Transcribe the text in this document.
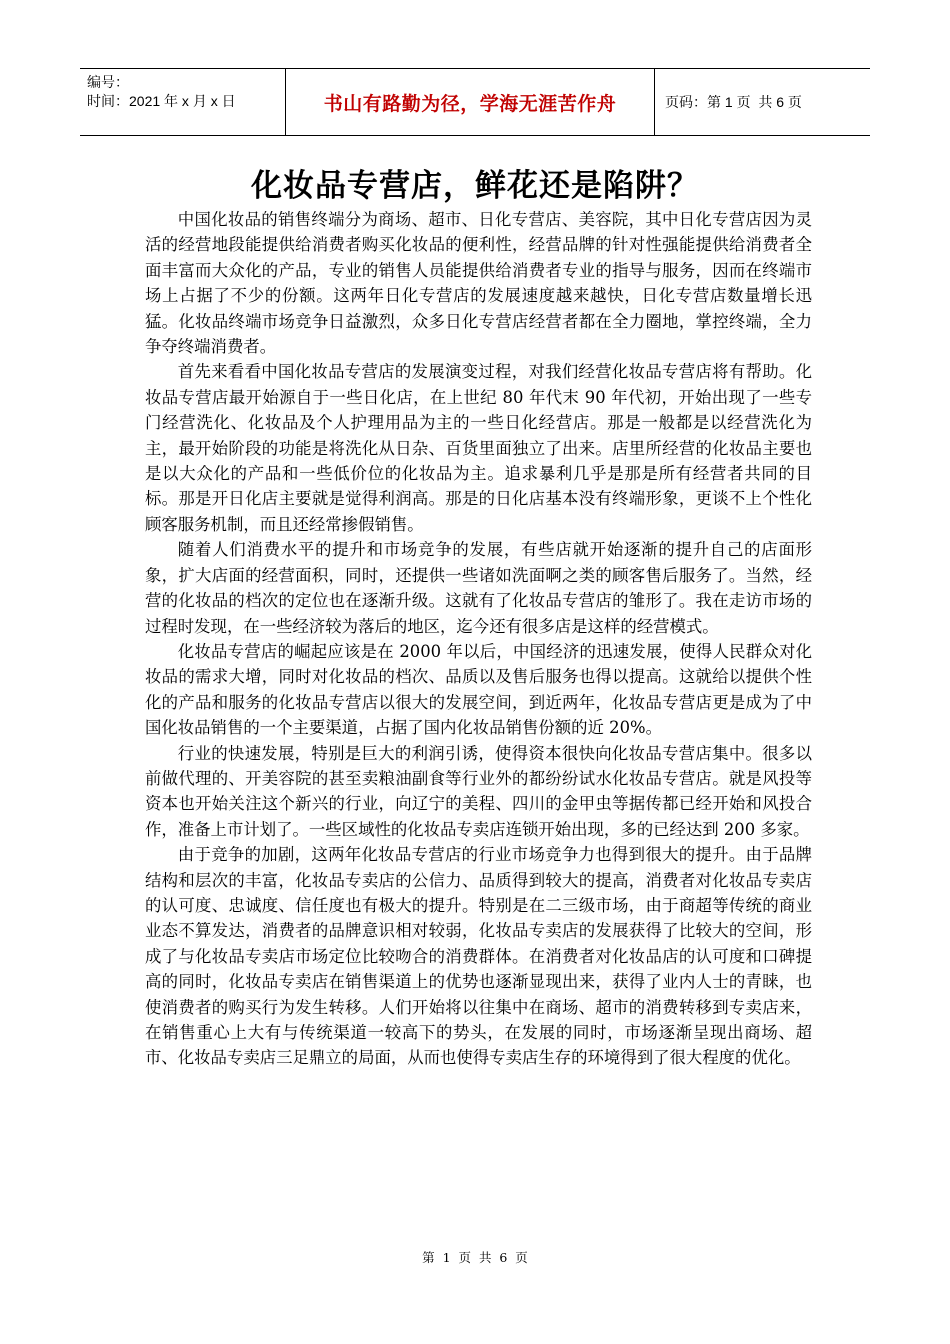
编号：
时间：2021 年 x 月 x 日	书山有路勤为径，学海无涯苦作舟	页码：第 1 页  共 6 页
化妆品专营店，鲜花还是陷阱？

中国化妆品的销售终端分为商场、超市、日化专营店、美容院，其中日化专营店因为灵活的经营地段能提供给消费者购买化妆品的便利性，经营品牌的针对性强能提供给消费者全面丰富而大众化的产品，专业的销售人员能提供给消费者专业的指导与服务，因而在终端市场上占据了不少的份额。这两年日化专营店的发展速度越来越快，日化专营店数量增长迅猛。化妆品终端市场竞争日益激烈，众多日化专营店经营者都在全力圈地，掌控终端，全力争夺终端消费者。

首先来看看中国化妆品专营店的发展演变过程，对我们经营化妆品专营店将有帮助。化妆品专营店最开始源自于一些日化店，在上世纪 80 年代末 90 年代初，开始出现了一些专门经营洗化、化妆品及个人护理用品为主的一些日化经营店。那是一般都是以经营洗化为主，最开始阶段的功能是将洗化从日杂、百货里面独立了出来。店里所经营的化妆品主要也是以大众化的产品和一些低价位的化妆品为主。追求暴利几乎是那是所有经营者共同的目标。那是开日化店主要就是觉得利润高。那是的日化店基本没有终端形象，更谈不上个性化顾客服务机制，而且还经常掺假销售。

随着人们消费水平的提升和市场竞争的发展，有些店就开始逐渐的提升自己的店面形象，扩大店面的经营面积，同时，还提供一些诸如洗面啊之类的顾客售后服务了。当然，经营的化妆品的档次的定位也在逐渐升级。这就有了化妆品专营店的雏形了。我在走访市场的过程时发现，在一些经济较为落后的地区，迄今还有很多店是这样的经营模式。

化妆品专营店的崛起应该是在 2000 年以后，中国经济的迅速发展，使得人民群众对化妆品的需求大增，同时对化妆品的档次、品质以及售后服务也得以提高。这就给以提供个性化的产品和服务的化妆品专营店以很大的发展空间，到近两年，化妆品专营店更是成为了中国化妆品销售的一个主要渠道，占据了国内化妆品销售份额的近 20%。

行业的快速发展，特别是巨大的利润引诱，使得资本很快向化妆品专营店集中。很多以前做代理的、开美容院的甚至卖粮油副食等行业外的都纷纷试水化妆品专营店。就是风投等资本也开始关注这个新兴的行业，向辽宁的美程、四川的金甲虫等据传都已经开始和风投合作，准备上市计划了。一些区域性的化妆品专卖店连锁开始出现，多的已经达到 200 多家。

由于竞争的加剧，这两年化妆品专营店的行业市场竞争力也得到很大的提升。由于品牌结构和层次的丰富，化妆品专卖店的公信力、品质得到较大的提高，消费者对化妆品专卖店的认可度、忠诚度、信任度也有极大的提升。特别是在二三级市场，由于商超等传统的商业业态不算发达，消费者的品牌意识相对较弱，化妆品专卖店的发展获得了比较大的空间，形成了与化妆品专卖店市场定位比较吻合的消费群体。在消费者对化妆品店的认可度和口碑提高的同时，化妆品专卖店在销售渠道上的优势也逐渐显现出来，获得了业内人士的青睐，也使消费者的购买行为发生转移。人们开始将以往集中在商场、超市的消费转移到专卖店来，在销售重心上大有与传统渠道一较高下的势头，在发展的同时，市场逐渐呈现出商场、超市、化妆品专卖店三足鼎立的局面，从而也使得专卖店生存的环境得到了很大程度的优化。

第  1  页  共  6  页
